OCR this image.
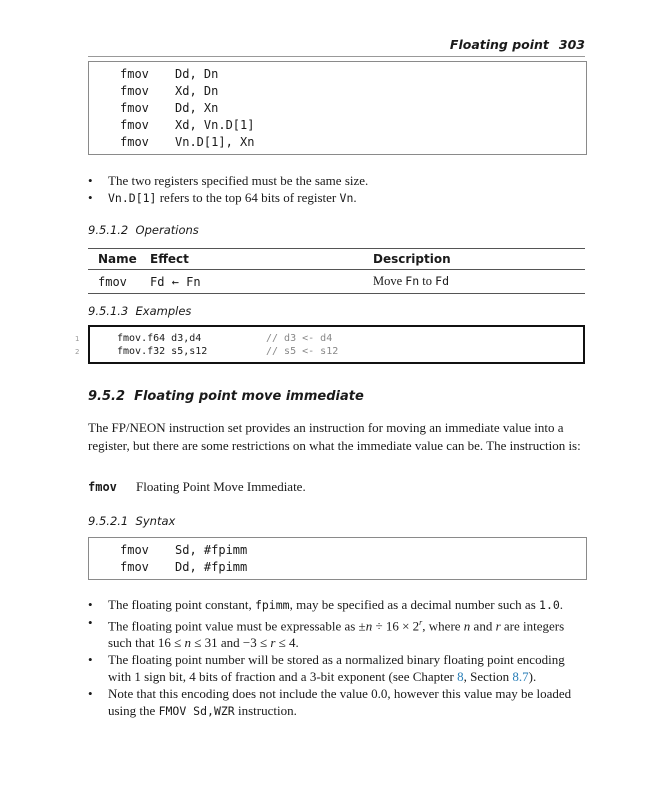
Floating point 303
fmov Dd, Dn
fmov Xd, Dn
fmov Dd, Xn
fmov Xd, Vn.D[1]
fmov Vn.D[1], Xn
• The two registers specified must be the same size.
• Vn.D[1] refers to the top 64 bits of register Vn.
9.5.1.2  Operations
Name	Effect	Description
fmov	Fd ← Fn	Move Fn to Fd
9.5.1.3  Examples
1
2
fmov.f64 d3,d4	// d3 <- d4
fmov.f32 s5,s12	// s5 <- s12
9.5.2  Floating point move immediate
The FP/NEON instruction set provides an instruction for moving an immediate value into a register, but there are some restrictions on what the immediate value can be. The instruction is:
fmov Floating Point Move Immediate.
9.5.2.1  Syntax
fmov Sd, #fpimm
fmov Dd, #fpimm
• The floating point constant, fpimm, may be specified as a decimal number such as 1.0.
• The floating point value must be expressable as $\pm n \div 16 \times 2^r$, where n and r are integers such that 16 ≤ n ≤ 31 and −3 ≤ r ≤ 4.
• The floating point number will be stored as a normalized binary floating point encoding with 1 sign bit, 4 bits of fraction and a 3-bit exponent (see Chapter 8, Section 8.7).
• Note that this encoding does not include the value 0.0, however this value may be loaded using the FMOV Sd,WZR instruction.
